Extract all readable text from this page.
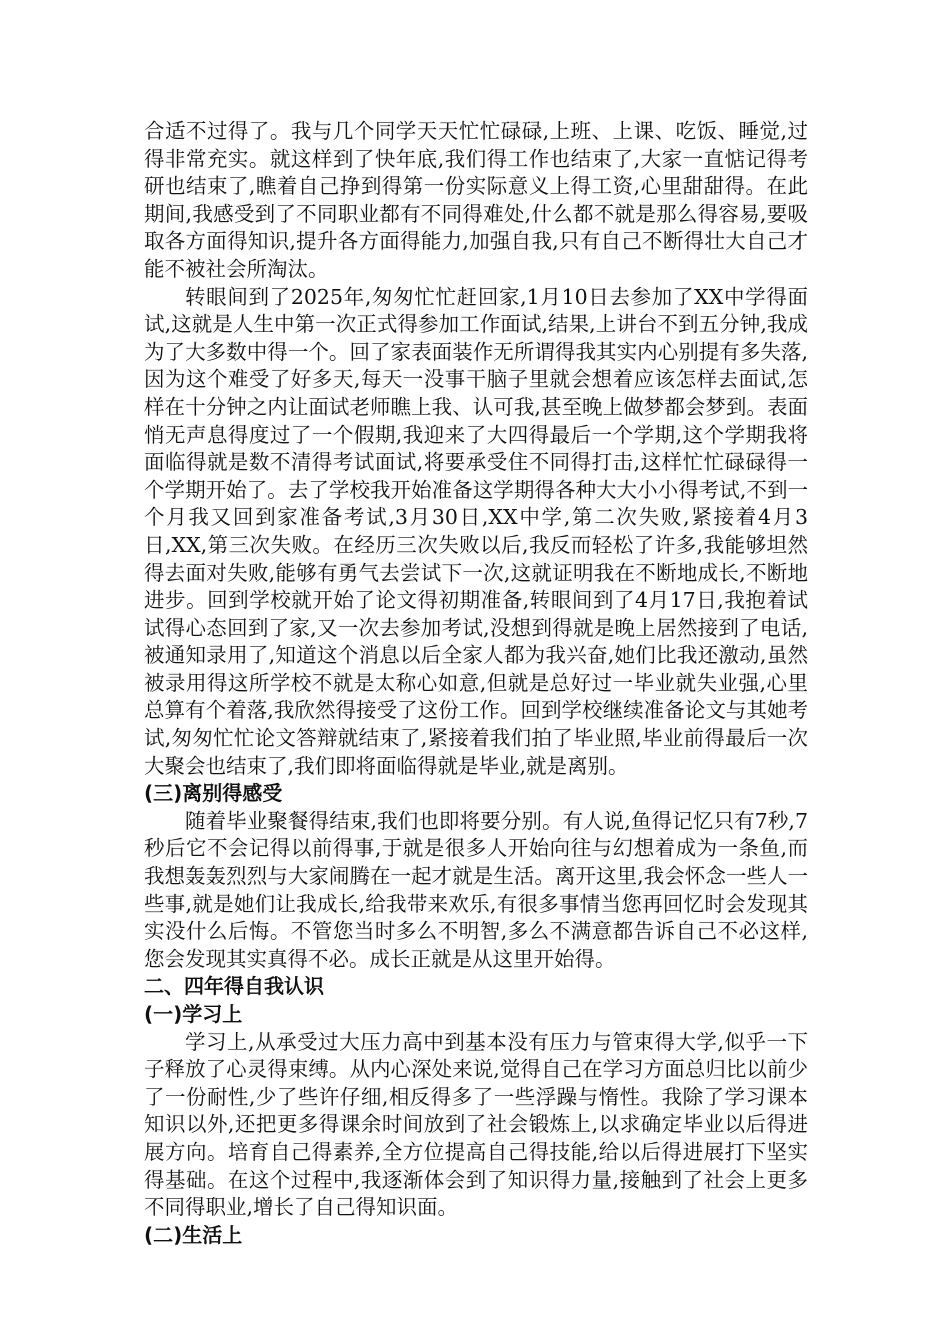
合适不过得了。我与几个同学天天忙忙碌碌,上班、上课、吃饭、睡觉,过得非常充实。就这样到了快年底,我们得工作也结束了,大家一直惦记得考研也结束了,瞧着自己挣到得第一份实际意义上得工资,心里甜甜得。在此期间,我感受到了不同职业都有不同得难处,什么都不就是那么得容易,要吸取各方面得知识,提升各方面得能力,加强自我,只有自己不断得壮大自己才能不被社会所淘汰。

转眼间到了2025年,匆匆忙忙赶回家,1月10日去参加了XX中学得面试,这就是人生中第一次正式得参加工作面试,结果,上讲台不到五分钟,我成为了大多数中得一个。回了家表面装作无所谓得我其实内心别提有多失落,因为这个难受了好多天,每天一没事干脑子里就会想着应该怎样去面试,怎样在十分钟之内让面试老师瞧上我、认可我,甚至晚上做梦都会梦到。表面悄无声息得度过了一个假期,我迎来了大四得最后一个学期,这个学期我将面临得就是数不清得考试面试,将要承受住不同得打击,这样忙忙碌碌得一个学期开始了。去了学校我开始准备这学期得各种大大小小得考试,不到一个月我又回到家准备考试,3月30日,XX中学,第二次失败,紧接着4月3日,XX,第三次失败。在经历三次失败以后,我反而轻松了许多,我能够坦然得去面对失败,能够有勇气去尝试下一次,这就证明我在不断地成长,不断地进步。回到学校就开始了论文得初期准备,转眼间到了4月17日,我抱着试试得心态回到了家,又一次去参加考试,没想到得就是晚上居然接到了电话,被通知录用了,知道这个消息以后全家人都为我兴奋,她们比我还激动,虽然被录用得这所学校不就是太称心如意,但就是总好过一毕业就失业强,心里总算有个着落,我欣然得接受了这份工作。回到学校继续准备论文与其她考试,匆匆忙忙论文答辩就结束了,紧接着我们拍了毕业照,毕业前得最后一次大聚会也结束了,我们即将面临得就是毕业,就是离别。

(三)离别得感受

随着毕业聚餐得结束,我们也即将要分别。有人说,鱼得记忆只有7秒,7秒后它不会记得以前得事,于就是很多人开始向往与幻想着成为一条鱼,而我想轰轰烈烈与大家闹腾在一起才就是生活。离开这里,我会怀念一些人一些事,就是她们让我成长,给我带来欢乐,有很多事情当您再回忆时会发现其实没什么后悔。不管您当时多么不明智,多么不满意都告诉自己不必这样,您会发现其实真得不必。成长正就是从这里开始得。

二、四年得自我认识
(一)学习上

学习上,从承受过大压力高中到基本没有压力与管束得大学,似乎一下子释放了心灵得束缚。从内心深处来说,觉得自己在学习方面总归比以前少了一份耐性,少了些许仔细,相反得多了一些浮躁与惰性。我除了学习课本知识以外,还把更多得课余时间放到了社会锻炼上,以求确定毕业以后得进展方向。培育自己得素养,全方位提高自己得技能,给以后得进展打下坚实得基础。在这个过程中,我逐渐体会到了知识得力量,接触到了社会上更多不同得职业,增长了自己得知识面。

(二)生活上
